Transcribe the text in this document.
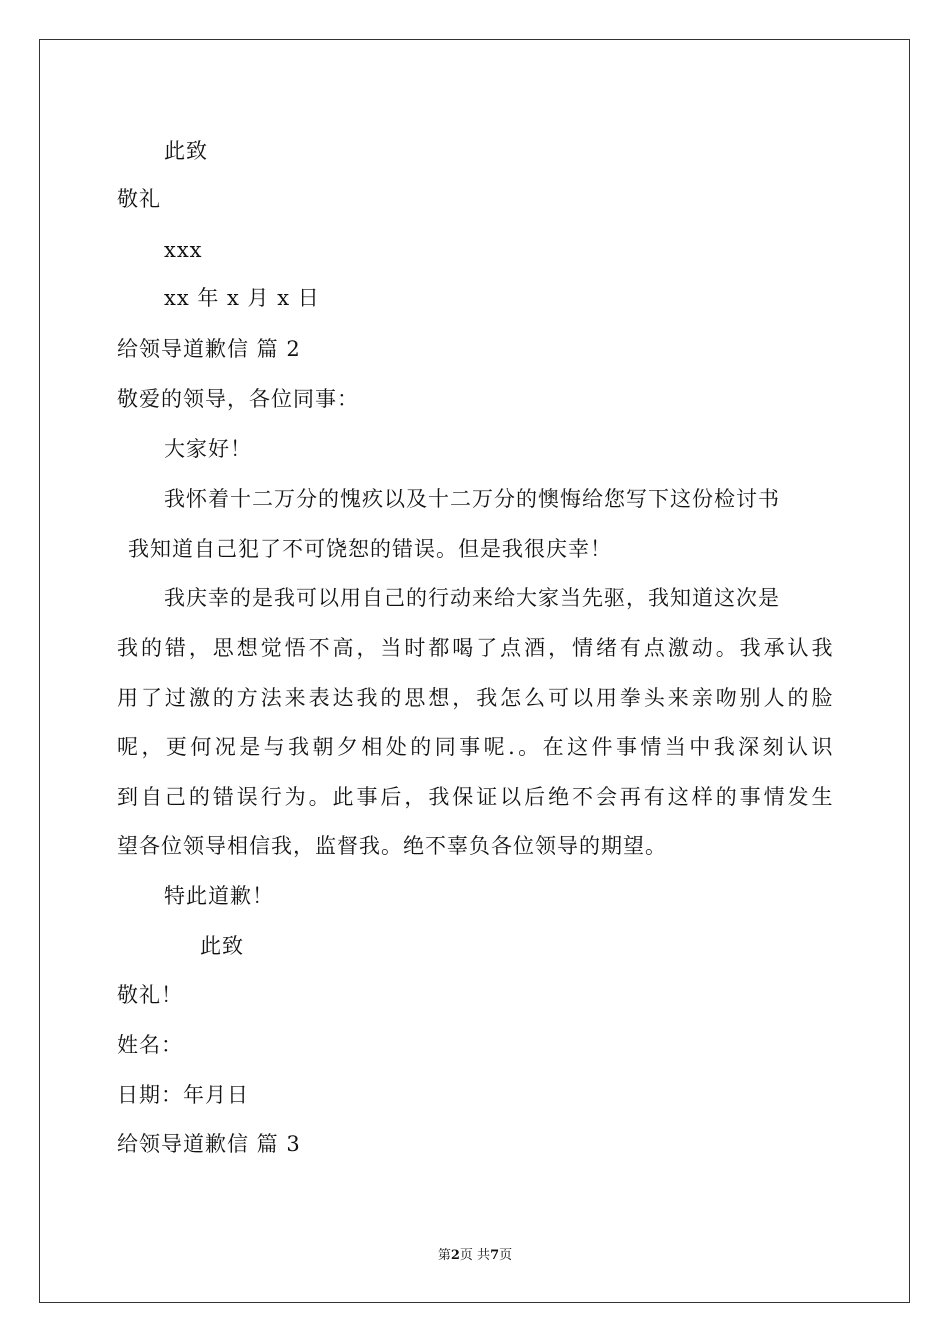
此致
敬礼
xxx
xx 年 x 月 x 日
给领导道歉信 篇 2
敬爱的领导，各位同事：
大家好！
我怀着十二万分的愧疚以及十二万分的懊悔给您写下这份检讨书
我知道自己犯了不可饶恕的错误。但是我很庆幸！
我庆幸的是我可以用自己的行动来给大家当先驱，我知道这次是
我的错，思想觉悟不高，当时都喝了点酒，情绪有点激动。我承认我
用了过激的方法来表达我的思想，我怎么可以用拳头来亲吻别人的脸
呢，更何况是与我朝夕相处的同事呢.。在这件事情当中我深刻认识
到自己的错误行为。此事后，我保证以后绝不会再有这样的事情发生
望各位领导相信我，监督我。绝不辜负各位领导的期望。
特此道歉！
此致
敬礼！
姓名：
日期：年月日
给领导道歉信 篇 3
第2页 共7页
